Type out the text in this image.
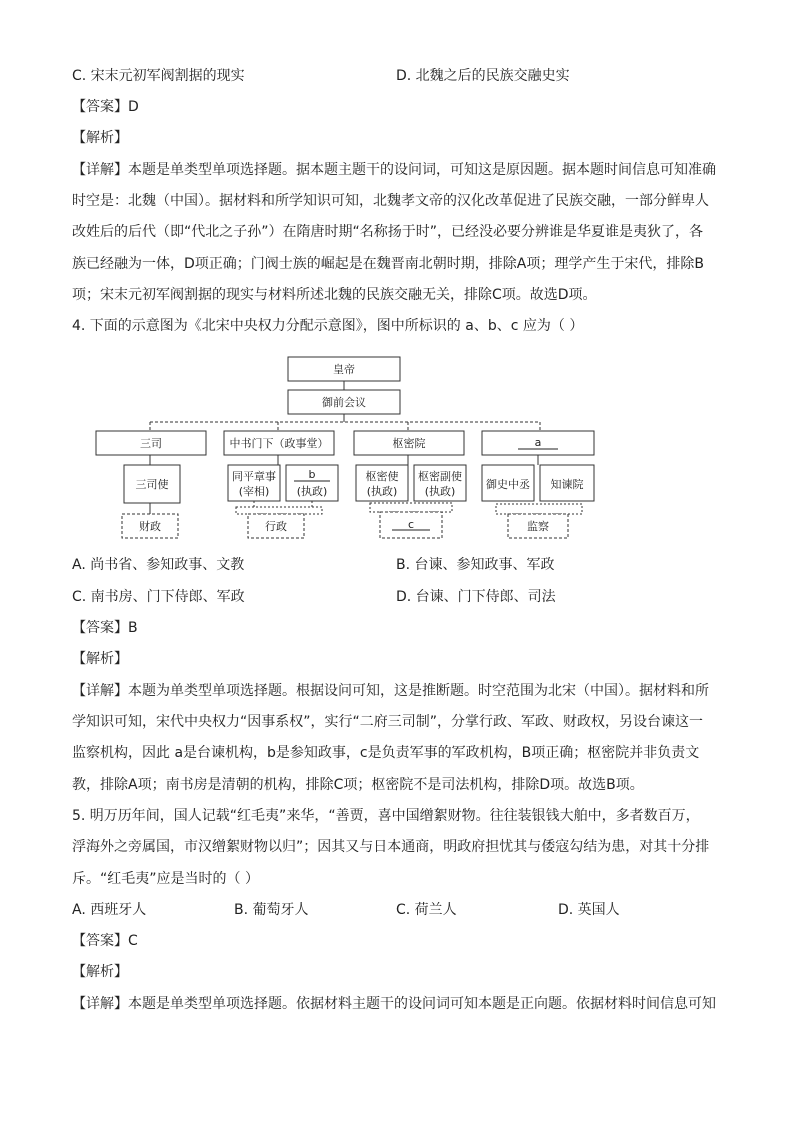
C. 宋末元初军阀割据的现实	D. 北魏之后的民族交融史实
【答案】D
【解析】
【详解】本题是单类型单项选择题。据本题主题干的设问词，可知这是原因题。据本题时间信息可知准确
时空是：北魏（中国）。据材料和所学知识可知，北魏孝文帝的汉化改革促进了民族交融，一部分鲜卑人
改姓后的后代（即“代北之子孙”）在隋唐时期“名称扬于时”，已经没必要分辨谁是华夏谁是夷狄了，各
族已经融为一体，D项正确；门阀士族的崛起是在魏晋南北朝时期，排除A项；理学产生于宋代，排除B
项；宋末元初军阀割据的现实与材料所述北魏的民族交融无关，排除C项。故选D项。
4. 下面的示意图为《北宋中央权力分配示意图》，图中所标识的 a、b、c 应为（ ）
皇帝
御前会议
三司	中书门下（政事堂）	枢密院	a
三司使
财政
同平章事
(宰相)
b
(执政)
行政
枢密使
(执政)
枢密副使
(执政)
c
御史中丞 知谏院
监察
A. 尚书省、参知政事、文教	B. 台谏、参知政事、军政
C. 南书房、门下侍郎、军政	D. 台谏、门下侍郎、司法
【答案】B
【解析】
【详解】本题为单类型单项选择题。根据设问可知，这是推断题。时空范围为北宋（中国）。据材料和所
学知识可知，宋代中央权力“因事系权”，实行“二府三司制”，分掌行政、军政、财政权，另设台谏这一
监察机构，因此 a是台谏机构，b是参知政事，c是负责军事的军政机构，B项正确；枢密院并非负责文
教，排除A项；南书房是清朝的机构，排除C项；枢密院不是司法机构，排除D项。故选B项。
5. 明万历年间，国人记载“红毛夷”来华，“善贾，喜中国缯絮财物。往往装银钱大舶中，多者数百万，
浮海外之旁属国，市汉缯絮财物以归”；因其又与日本通商，明政府担忧其与倭寇勾结为患，对其十分排
斥。“红毛夷”应是当时的（ ）
A. 西班牙人	B. 葡萄牙人	C. 荷兰人	D. 英国人
【答案】C
【解析】
【详解】本题是单类型单项选择题。依据材料主题干的设问词可知本题是正向题。依据材料时间信息可知
